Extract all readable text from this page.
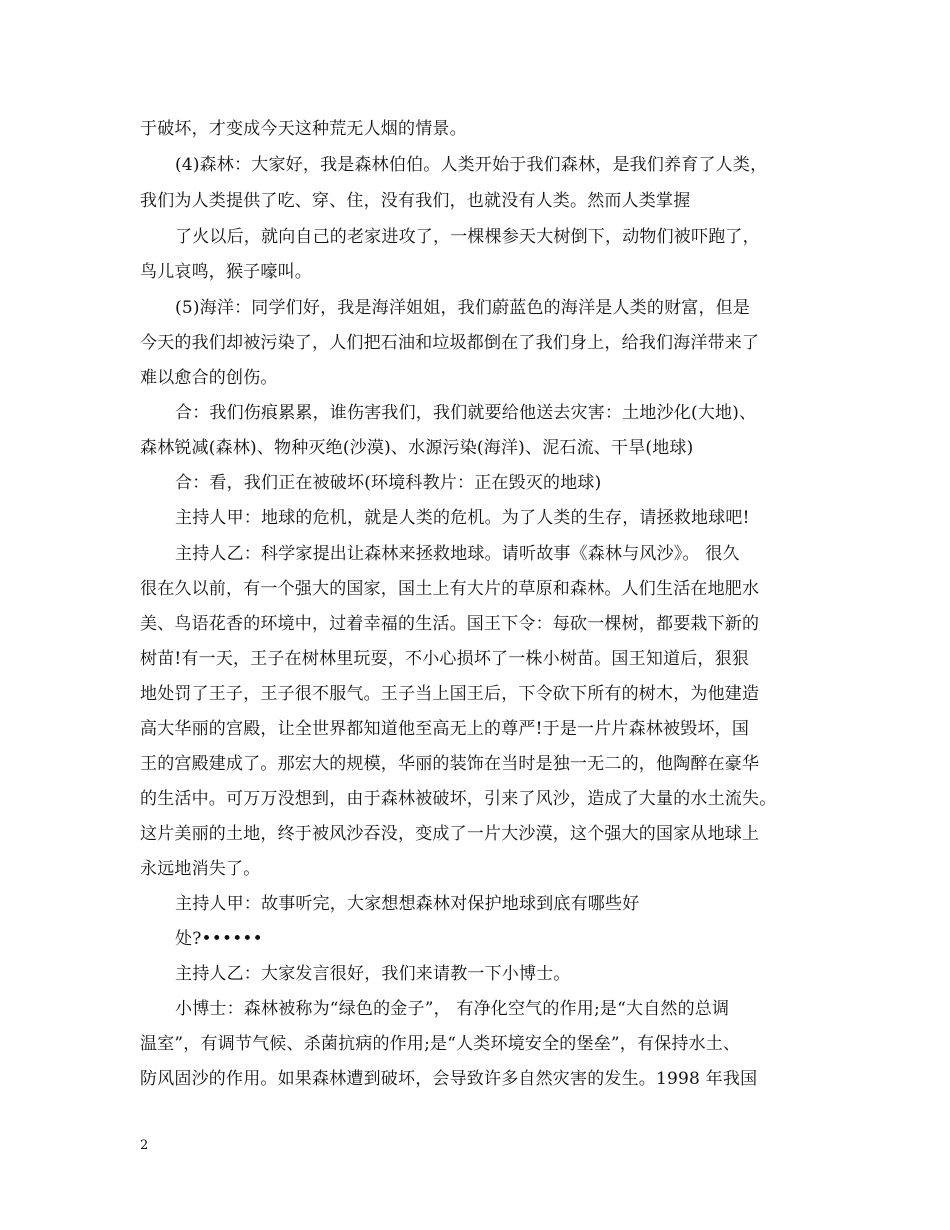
于破坏，才变成今天这种荒无人烟的情景。
(4)森林：大家好，我是森林伯伯。人类开始于我们森林，是我们养育了人类，
我们为人类提供了吃、穿、住，没有我们，也就没有人类。然而人类掌握
了火以后，就向自己的老家进攻了，一棵棵参天大树倒下，动物们被吓跑了，
鸟儿哀鸣，猴子嚎叫。
(5)海洋：同学们好，我是海洋姐姐，我们蔚蓝色的海洋是人类的财富，但是
今天的我们却被污染了，人们把石油和垃圾都倒在了我们身上，给我们海洋带来了
难以愈合的创伤。
合：我们伤痕累累，谁伤害我们，我们就要给他送去灾害：土地沙化(大地)、
森林锐减(森林)、物种灭绝(沙漠)、水源污染(海洋)、泥石流、干旱(地球)
合：看，我们正在被破坏(环境科教片：正在毁灭的地球)
主持人甲：地球的危机，就是人类的危机。为了人类的生存，请拯救地球吧!
主持人乙：科学家提出让森林来拯救地球。请听故事《森林与风沙》。 很久
很在久以前，有一个强大的国家，国土上有大片的草原和森林。人们生活在地肥水
美、鸟语花香的环境中，过着幸福的生活。国王下令：每砍一棵树，都要栽下新的
树苗!有一天，王子在树林里玩耍，不小心损坏了一株小树苗。国王知道后，狠狠
地处罚了王子，王子很不服气。王子当上国王后，下令砍下所有的树木，为他建造
高大华丽的宫殿，让全世界都知道他至高无上的尊严!于是一片片森林被毁坏，国
王的宫殿建成了。那宏大的规模，华丽的装饰在当时是独一无二的，他陶醉在豪华
的生活中。可万万没想到，由于森林被破坏，引来了风沙，造成了大量的水土流失。
这片美丽的土地，终于被风沙吞没，变成了一片大沙漠，这个强大的国家从地球上
永远地消失了。
主持人甲：故事听完，大家想想森林对保护地球到底有哪些好
处?••••••
主持人乙：大家发言很好，我们来请教一下小博士。
小博士：森林被称为“绿色的金子”， 有净化空气的作用;是“大自然的总调
温室”，有调节气候、杀菌抗病的作用;是“人类环境安全的堡垒”，有保持水土、
防风固沙的作用。如果森林遭到破坏，会导致许多自然灾害的发生。1998 年我国
2
